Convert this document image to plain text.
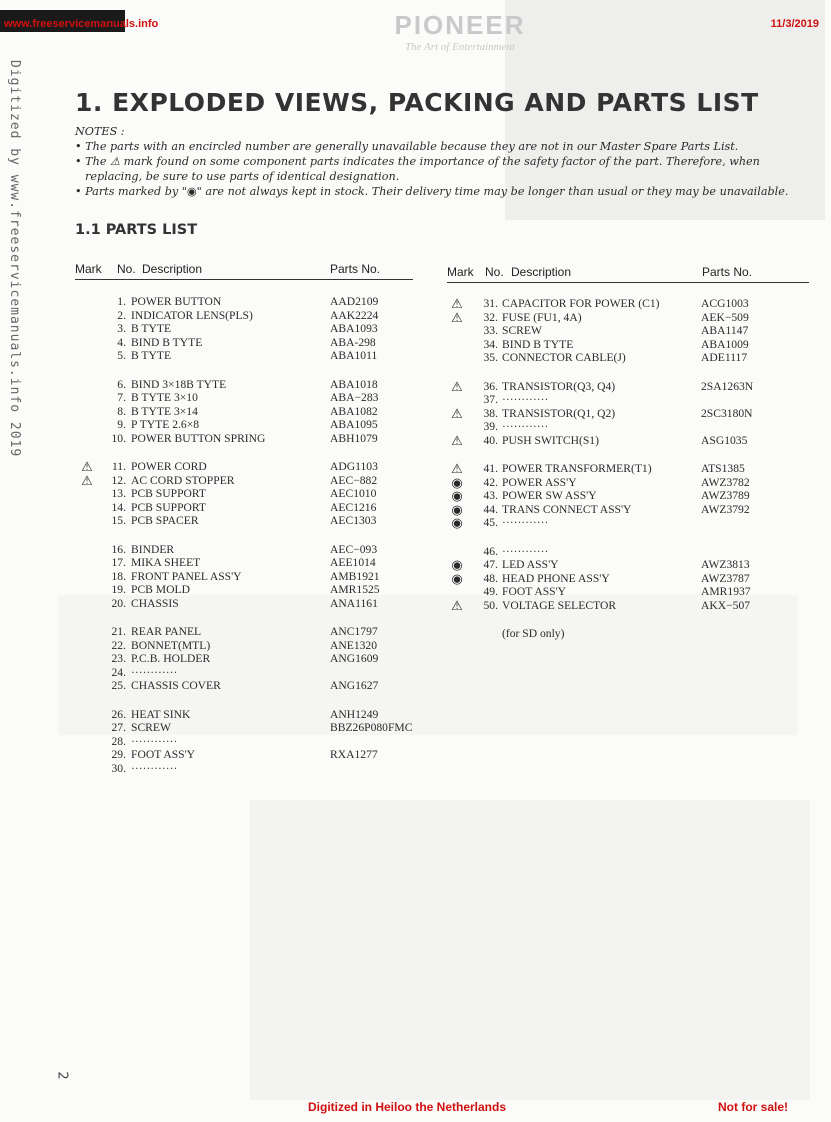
www.freeservicemanuals.info	11/3/2019
PIONEER
The Art of Entertainment
Digitized by www.freeservicemanuals.info 2019 1. EXPLODED VIEWS, PACKING AND PARTS LIST
NOTES :
• The parts with an encircled number are generally unavailable because they are not in our Master Spare Parts List.
• The ⚠ mark found on some component parts indicates the importance of the safety factor of the part. Therefore, when replacing, be sure to use parts of identical designation.
• Parts marked by "◉" are not always kept in stock. Their delivery time may be longer than usual or they may be unavailable.
1.1 PARTS LIST
Mark No. Description	Parts No.	Mark No. Description	Parts No.
1. POWER BUTTON	AAD2109
2. INDICATOR LENS(PLS)	AAK2224
3. B TYTE	ABA1093
4. BIND B TYTE	ABA-298
5. B TYTE	ABA1011
6. BIND 3×18B TYTE	ABA1018
7. B TYTE 3×10	ABA−283
8. B TYTE 3×14	ABA1082
9. P TYTE 2.6×8	ABA1095
10. POWER BUTTON SPRING	ABH1079
⚠	11. POWER CORD	ADG1103
⚠	12. AC CORD STOPPER	AEC−882
13. PCB SUPPORT	AEC1010
14. PCB SUPPORT	AEC1216
15. PCB SPACER	AEC1303
16. BINDER	AEC−093
17. MIKA SHEET	AEE1014
18. FRONT PANEL ASS'Y	AMB1921
19. PCB MOLD	AMR1525
20. CHASSIS	ANA1161
21. REAR PANEL	ANC1797
22. BONNET(MTL)	ANE1320
23. P.C.B. HOLDER	ANG1609
24. ············
25. CHASSIS COVER	ANG1627
26. HEAT SINK	ANH1249
27. SCREW	BBZ26P080FMC
28. ············
29. FOOT ASS'Y	RXA1277
30. ············
⚠	31. CAPACITOR FOR POWER (C1)	ACG1003
⚠	32. FUSE (FU1, 4A)	AEK−509
33. SCREW	ABA1147
34. BIND B TYTE	ABA1009
35. CONNECTOR CABLE(J)	ADE1117
⚠	36. TRANSISTOR(Q3, Q4)	2SA1263N
37. ············
⚠	38. TRANSISTOR(Q1, Q2)	2SC3180N
39. ············
⚠	40. PUSH SWITCH(S1)	ASG1035
⚠	41. POWER TRANSFORMER(T1)	ATS1385
◉	42. POWER ASS'Y	AWZ3782
◉	43. POWER SW ASS'Y	AWZ3789
◉	44. TRANS CONNECT ASS'Y	AWZ3792
◉	45. ············
46. ············
◉	47. LED ASS'Y	AWZ3813
◉	48. HEAD PHONE ASS'Y	AWZ3787
49. FOOT ASS'Y	AMR1937
⚠	50. VOLTAGE SELECTOR	AKX−507
(for SD only)
2
Digitized in Heiloo the Netherlands	Not for sale!
